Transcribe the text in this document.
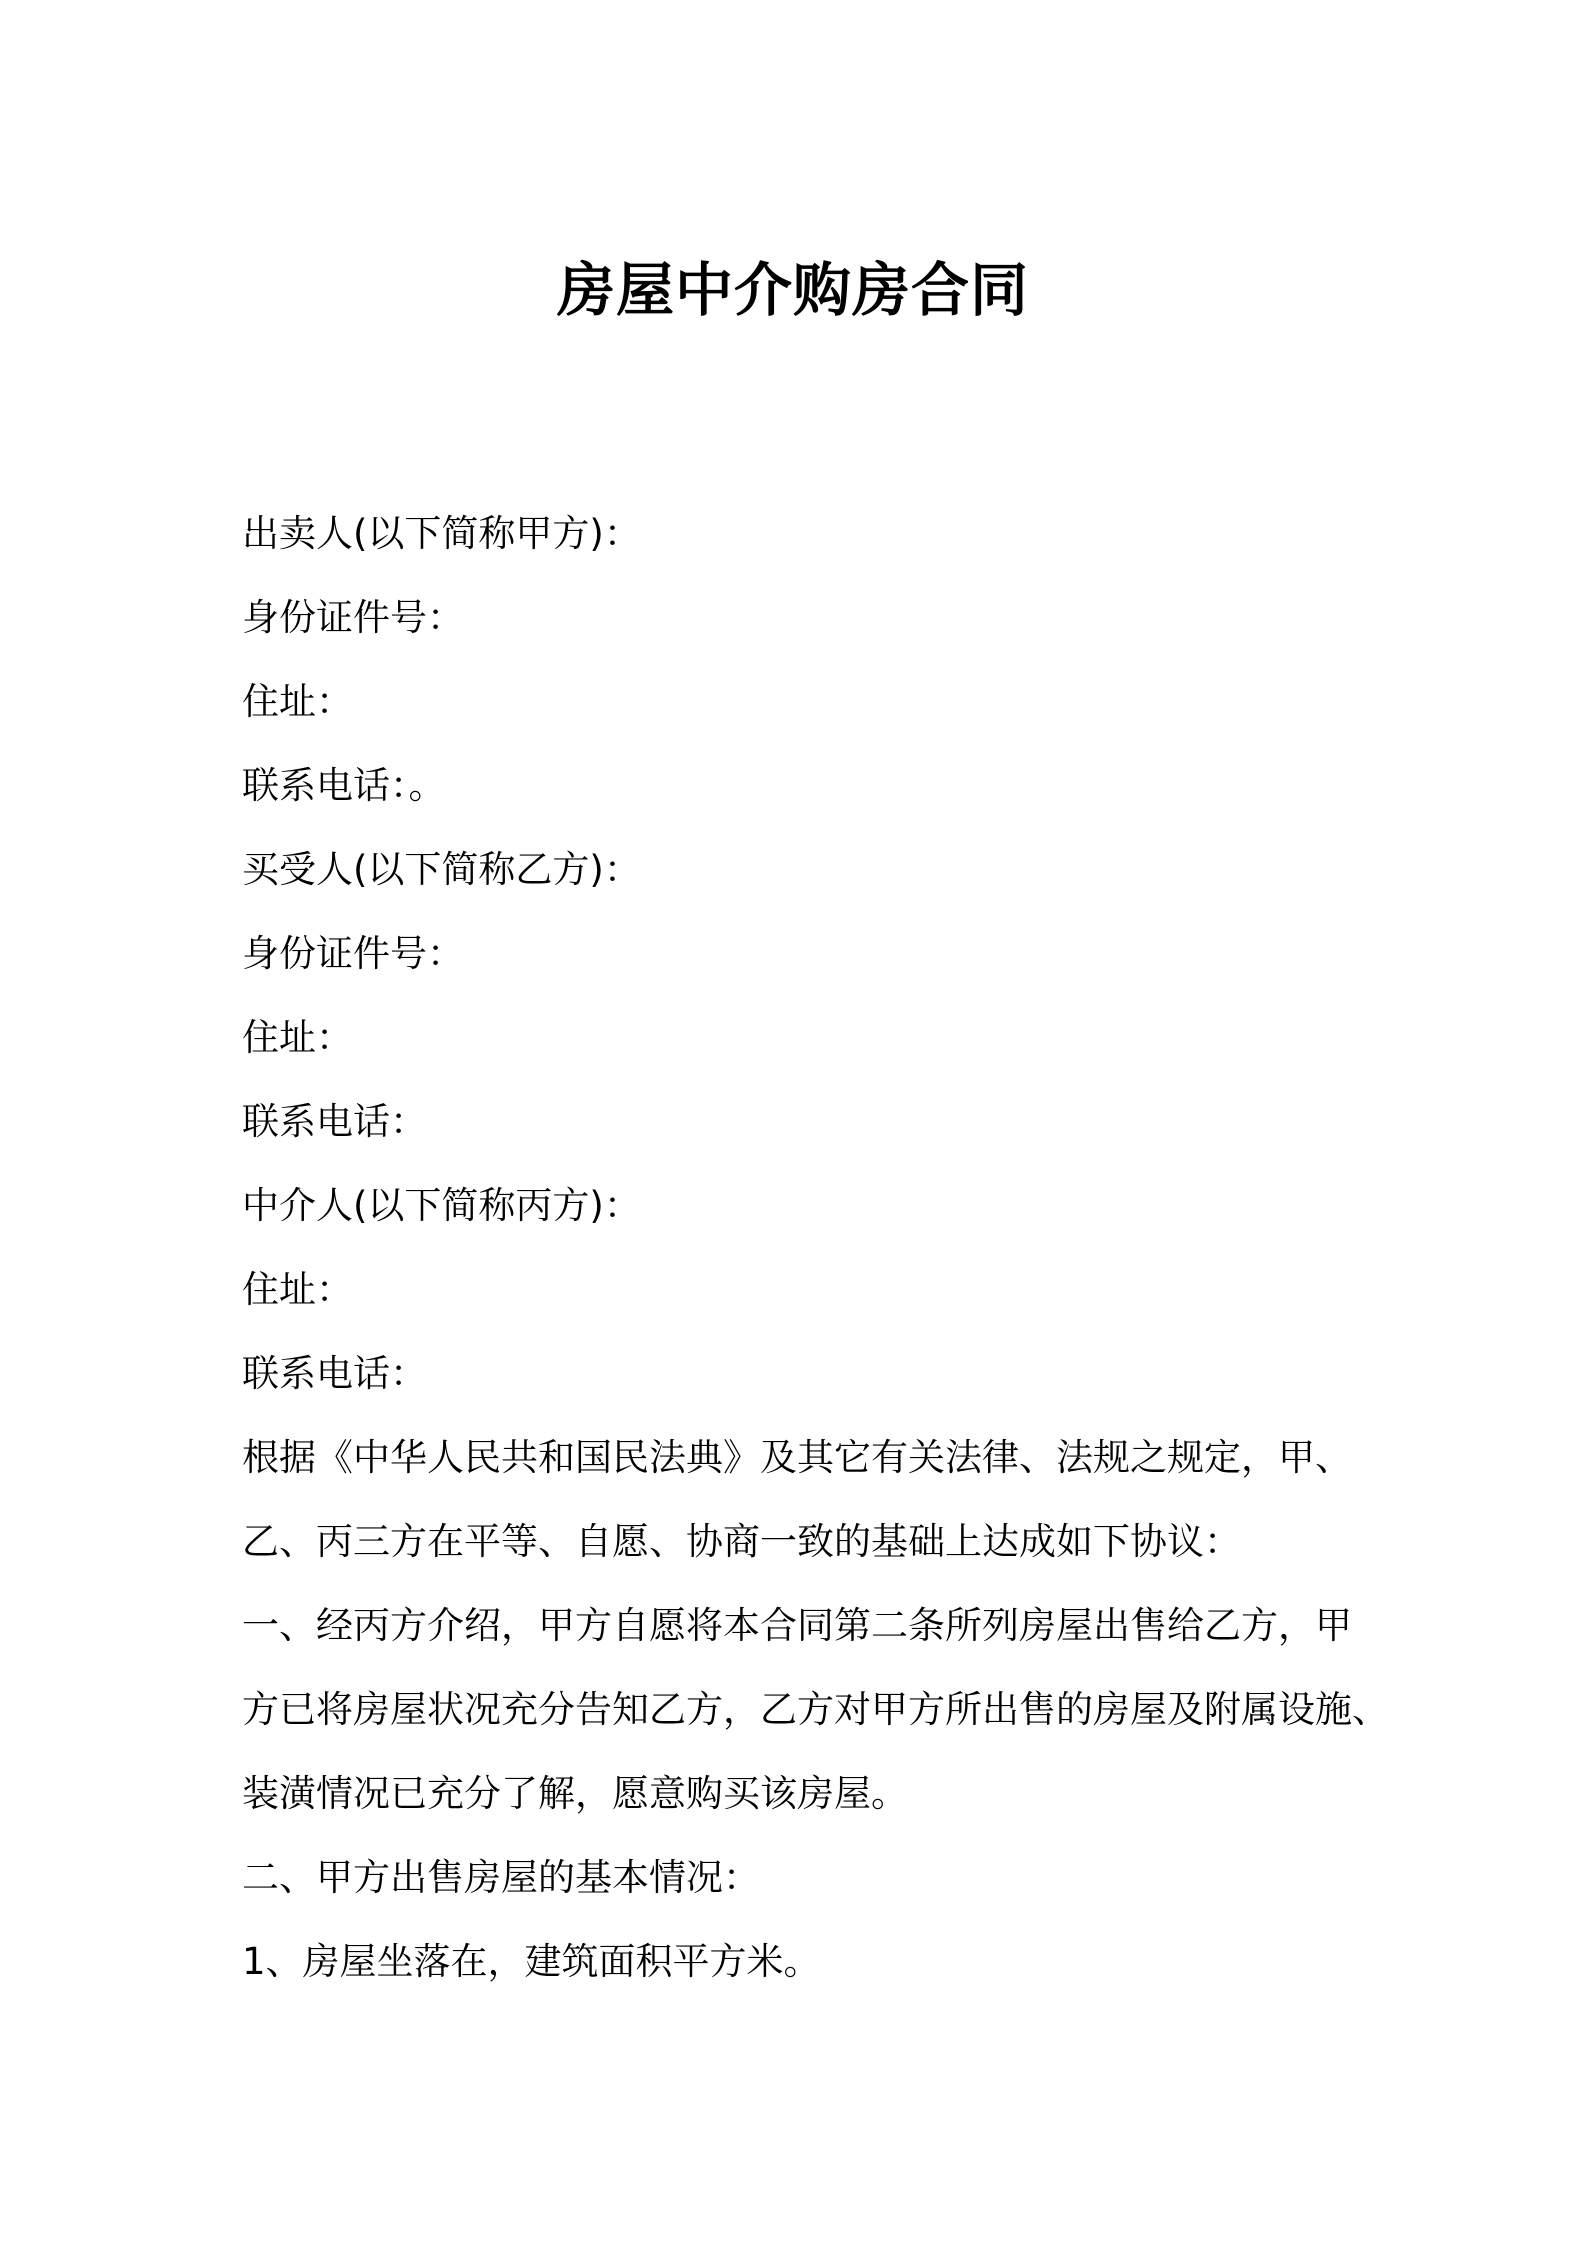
房屋中介购房合同
出卖人(以下简称甲方)：
身份证件号：
住址：
联系电话：。
买受人(以下简称乙方)：
身份证件号：
住址：
联系电话：
中介人(以下简称丙方)：
住址：
联系电话：
根据《中华人民共和国民法典》及其它有关法律、法规之规定，甲、
乙、丙三方在平等、自愿、协商一致的基础上达成如下协议：
一、经丙方介绍，甲方自愿将本合同第二条所列房屋出售给乙方，甲
方已将房屋状况充分告知乙方，乙方对甲方所出售的房屋及附属设施、
装潢情况已充分了解，愿意购买该房屋。
二、甲方出售房屋的基本情况：
1、房屋坐落在，建筑面积平方米。
